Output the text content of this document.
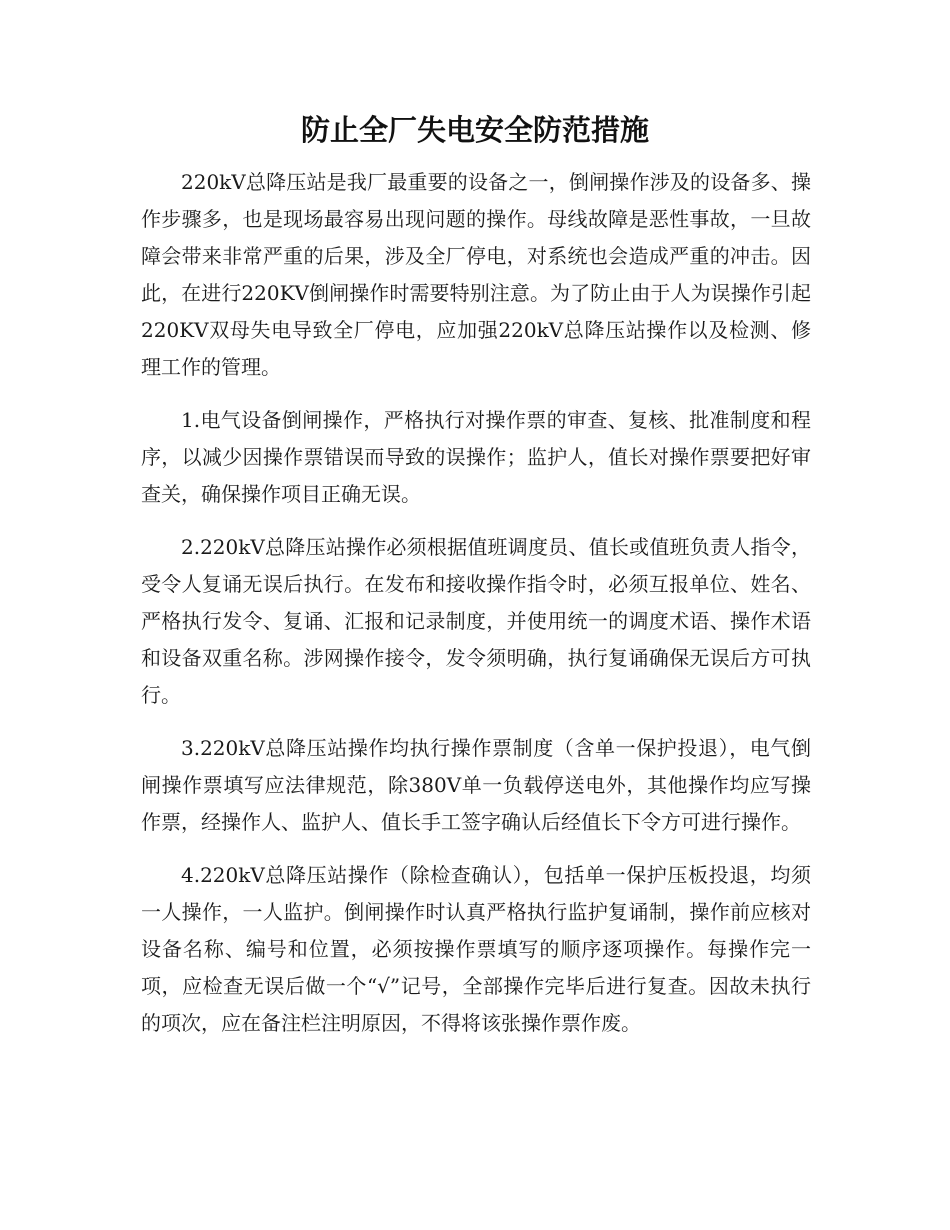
防止全厂失电安全防范措施

220kV总降压站是我厂最重要的设备之一，倒闸操作涉及的设备多、操作步骤多，也是现场最容易出现问题的操作。母线故障是恶性事故，一旦故障会带来非常严重的后果，涉及全厂停电，对系统也会造成严重的冲击。因此，在进行220KV倒闸操作时需要特别注意。为了防止由于人为误操作引起220KV双母失电导致全厂停电，应加强220kV总降压站操作以及检测、修理工作的管理。

1.电气设备倒闸操作，严格执行对操作票的审查、复核、批准制度和程序，以减少因操作票错误而导致的误操作；监护人，值长对操作票要把好审查关，确保操作项目正确无误。

2.220kV总降压站操作必须根据值班调度员、值长或值班负责人指令，受令人复诵无误后执行。在发布和接收操作指令时，必须互报单位、姓名、严格执行发令、复诵、汇报和记录制度，并使用统一的调度术语、操作术语和设备双重名称。涉网操作接令，发令须明确，执行复诵确保无误后方可执行。

3.220kV总降压站操作均执行操作票制度（含单一保护投退），电气倒闸操作票填写应法律规范，除380V单一负载停送电外，其他操作均应写操作票，经操作人、监护人、值长手工签字确认后经值长下令方可进行操作。

4.220kV总降压站操作（除检查确认），包括单一保护压板投退，均须一人操作，一人监护。倒闸操作时认真严格执行监护复诵制，操作前应核对设备名称、编号和位置，必须按操作票填写的顺序逐项操作。每操作完一项，应检查无误后做一个“√”记号，全部操作完毕后进行复查。因故未执行的项次，应在备注栏注明原因，不得将该张操作票作废。
